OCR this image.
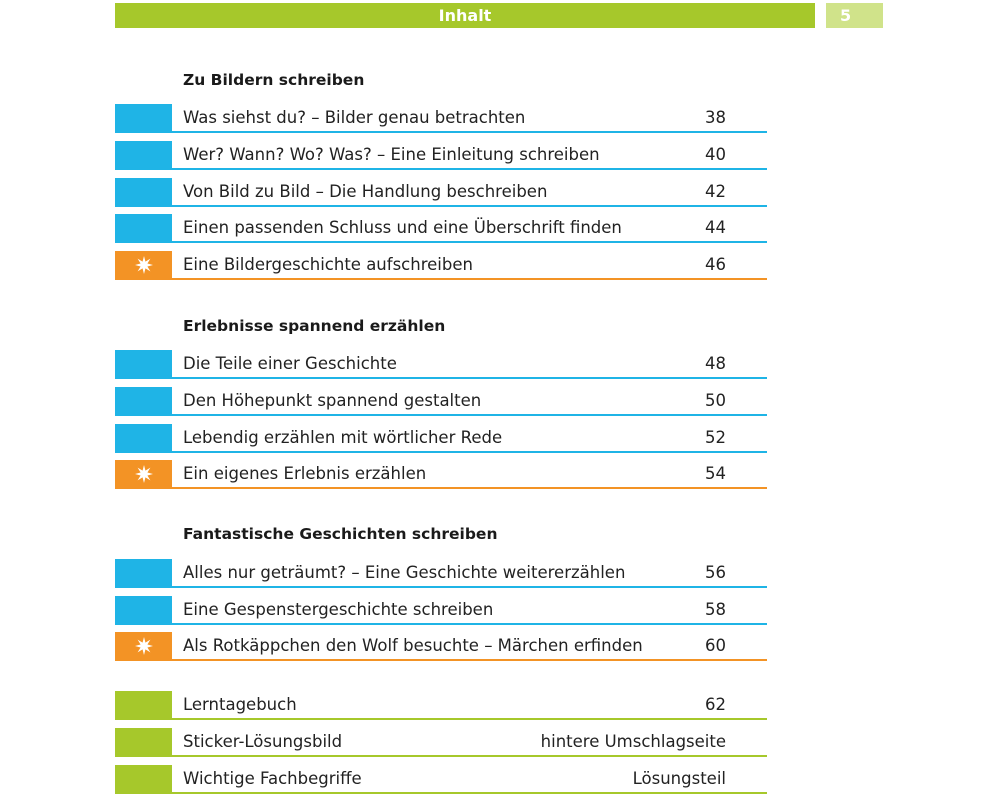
Inhalt	5
Zu Bildern schreiben
Was siehst du? – Bilder genau betrachten	38
Wer? Wann? Wo? Was? – Eine Einleitung schreiben	40
Von Bild zu Bild – Die Handlung beschreiben	42
Einen passenden Schluss und eine Überschrift finden	44
Eine Bildergeschichte aufschreiben	46
Erlebnisse spannend erzählen
Die Teile einer Geschichte	48
Den Höhepunkt spannend gestalten	50
Lebendig erzählen mit wörtlicher Rede	52
Ein eigenes Erlebnis erzählen	54
Fantastische Geschichten schreiben
Alles nur geträumt? – Eine Geschichte weitererzählen	56
Eine Gespenstergeschichte schreiben	58
Als Rotkäppchen den Wolf besuchte – Märchen erfinden	60
Lerntagebuch	62
Sticker-Lösungsbild	hintere Umschlagseite
Wichtige Fachbegriffe	Lösungsteil
